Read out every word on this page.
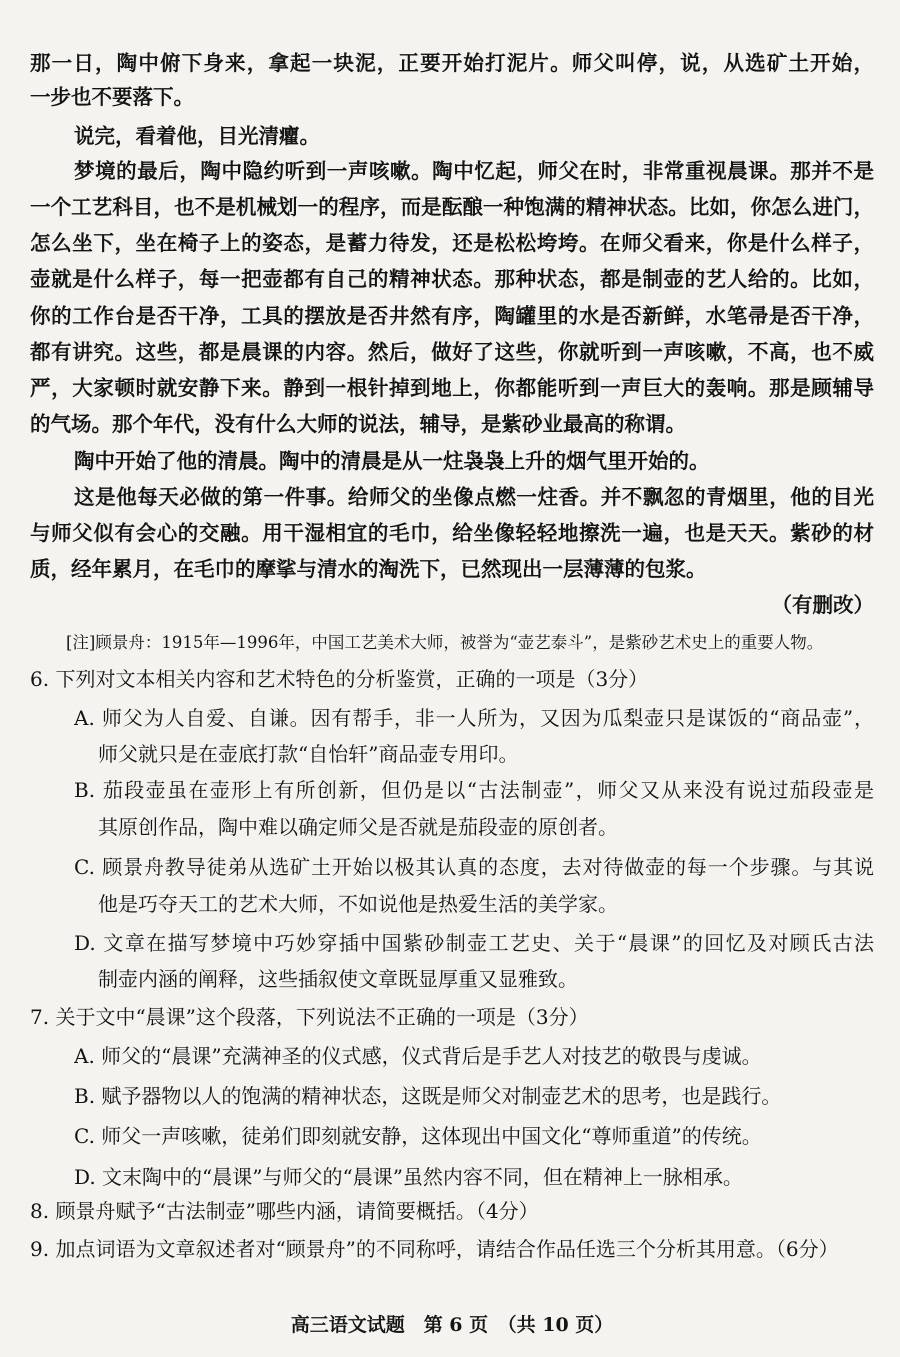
那一日，陶中俯下身来，拿起一块泥，正要开始打泥片。师父叫停，说，从选矿土开始，
一步也不要落下。
说完，看着他，目光清癯。
梦境的最后，陶中隐约听到一声咳嗽。陶中忆起，师父在时，非常重视晨课。那并不是
一个工艺科目，也不是机械划一的程序，而是酝酿一种饱满的精神状态。比如，你怎么进门，
怎么坐下，坐在椅子上的姿态，是蓄力待发，还是松松垮垮。在师父看来，你是什么样子，
壶就是什么样子，每一把壶都有自己的精神状态。那种状态，都是制壶的艺人给的。比如，
你的工作台是否干净，工具的摆放是否井然有序，陶罐里的水是否新鲜，水笔帚是否干净，
都有讲究。这些，都是晨课的内容。然后，做好了这些，你就听到一声咳嗽，不高，也不威
严，大家顿时就安静下来。静到一根针掉到地上，你都能听到一声巨大的轰响。那是顾辅导
的气场。那个年代，没有什么大师的说法，辅导，是紫砂业最高的称谓。
陶中开始了他的清晨。陶中的清晨是从一炷袅袅上升的烟气里开始的。
这是他每天必做的第一件事。给师父的坐像点燃一炷香。并不飘忽的青烟里，他的目光
与师父似有会心的交融。用干湿相宜的毛巾，给坐像轻轻地擦洗一遍，也是天天。紫砂的材
质，经年累月，在毛巾的摩挲与清水的淘洗下，已然现出一层薄薄的包浆。
（有删改）
[注]顾景舟：1915年—1996年，中国工艺美术大师，被誉为“壶艺泰斗”，是紫砂艺术史上的重要人物。
6. 下列对文本相关内容和艺术特色的分析鉴赏，正确的一项是（3分）
A. 师父为人自爱、自谦。因有帮手，非一人所为，又因为瓜梨壶只是谋饭的“商品壶”，
师父就只是在壶底打款“自怡轩”商品壶专用印。
B. 茄段壶虽在壶形上有所创新，但仍是以“古法制壶”，师父又从来没有说过茄段壶是
其原创作品，陶中难以确定师父是否就是茄段壶的原创者。
C. 顾景舟教导徒弟从选矿土开始以极其认真的态度，去对待做壶的每一个步骤。与其说
他是巧夺天工的艺术大师，不如说他是热爱生活的美学家。
D. 文章在描写梦境中巧妙穿插中国紫砂制壶工艺史、关于“晨课”的回忆及对顾氏古法
制壶内涵的阐释，这些插叙使文章既显厚重又显雅致。
7. 关于文中“晨课”这个段落，下列说法不正确的一项是（3分）
A. 师父的“晨课”充满神圣的仪式感，仪式背后是手艺人对技艺的敬畏与虔诚。
B. 赋予器物以人的饱满的精神状态，这既是师父对制壶艺术的思考，也是践行。
C. 师父一声咳嗽，徒弟们即刻就安静，这体现出中国文化“尊师重道”的传统。
D. 文末陶中的“晨课”与师父的“晨课”虽然内容不同，但在精神上一脉相承。
8. 顾景舟赋予“古法制壶”哪些内涵，请简要概括。（4分）
9. 加点词语为文章叙述者对“顾景舟”的不同称呼，请结合作品任选三个分析其用意。（6分）
高三语文试题　第 6 页　（共 10 页）
